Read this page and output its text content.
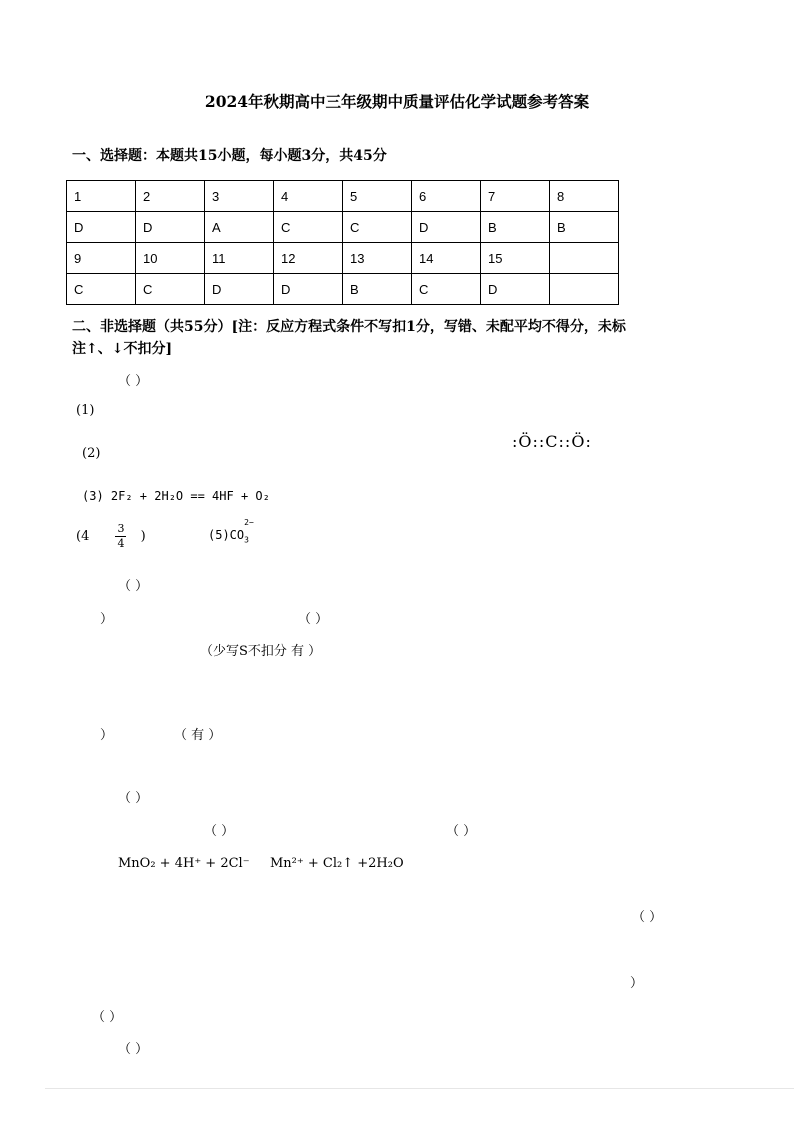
2024年秋期高中三年级期中质量评估化学试题参考答案
一、选择题：本题共15小题，每小题3分，共45分
1	2	3	4	5	6	7	8
D	D	A	C	C	D	B	B
9	10	11	12	13	14	15	
C	C	D	D	B	C	D	
二、非选择题（共55分）[注：反应方程式条件不写扣1分，写错、未配平均不得分，未标
注↑、↓不扣分]
（ ）
(1)
(2)
:Ö::C::Ö:
(3) 2F₂ + 2H₂O == 4HF + O₂
($4 \frac{3}{4}$ )	$(5)CO_3$
2−
（ ）
）	（ ）
（少写S不扣分 有 ）
）	（ 有 ）
（ ）
（ ）	（ ）
MnO₂ + 4H⁺ + 2Cl⁻ Mn²⁺ + Cl₂↑ +2H₂O
（ ）
）
（ ）
（ ）
